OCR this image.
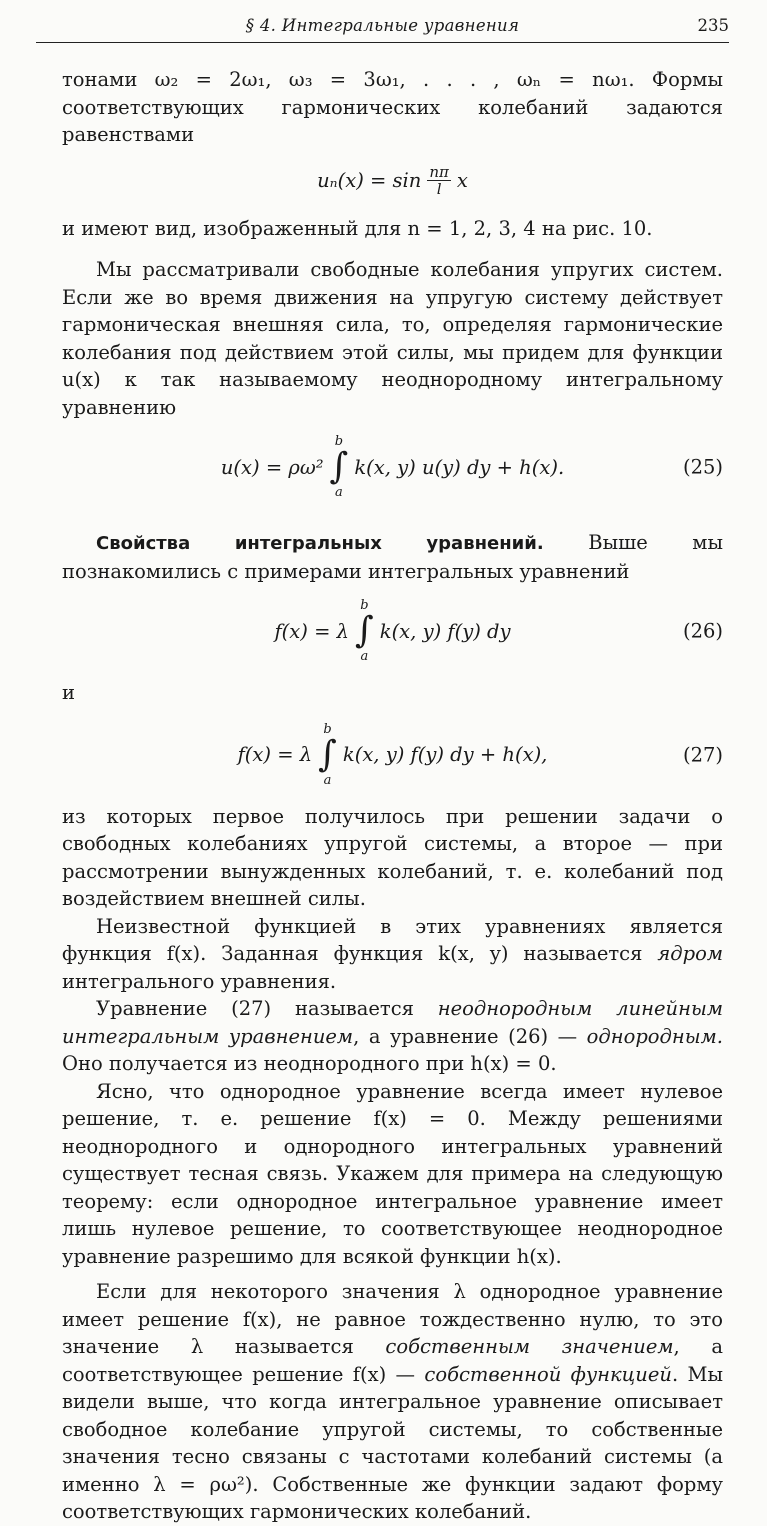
§ 4. Интегральные уравнения	235

тонами ω₂ = 2ω₁, ω₃ = 3ω₁, . . . , ωₙ = nω₁. Формы соответствующих гармонических колебаний задаются равенствами

$u_n(x) = \sin \frac{n\pi}{l}$ x

и имеют вид, изображенный для n = 1, 2, 3, 4 на рис. 10.

Мы рассматривали свободные колебания упругих систем. Если же во время движения на упругую систему действует гармоническая внешняя сила, то, определяя гармонические колебания под действием этой силы, мы придем для функции u(x) к так называемому неоднородному интегральному уравнению

u(x) = ρω²
b
∫
a
k(x, y) u(y) dy + h(x).	(25)

Свойства интегральных уравнений. Выше мы познакомились с примерами интегральных уравнений

f(x) = λ
b
∫
a
k(x, y) f(y) dy	(26)

и

f(x) = λ
b
∫
a
k(x, y) f(y) dy + h(x),	(27)

из которых первое получилось при решении задачи о свободных колебаниях упругой системы, а второе — при рассмотрении вынужденных колебаний, т. е. колебаний под воздействием внешней силы.

Неизвестной функцией в этих уравнениях является функция f(x). Заданная функция k(x, y) называется ядром интегрального уравнения.

Уравнение (27) называется неоднородным линейным интегральным уравнением, а уравнение (26) — однородным. Оно получается из неоднородного при h(x) = 0.

Ясно, что однородное уравнение всегда имеет нулевое решение, т. е. решение f(x) = 0. Между решениями неоднородного и однородного интегральных уравнений существует тесная связь. Укажем для примера на следующую теорему: если однородное интегральное уравнение имеет лишь нулевое решение, то соответствующее неоднородное уравнение разрешимо для всякой функции h(x).

Если для некоторого значения λ однородное уравнение имеет решение f(x), не равное тождественно нулю, то это значение λ называется собственным значением, а соответствующее решение f(x) — собственной функцией. Мы видели выше, что когда интегральное уравнение описывает свободное колебание упругой системы, то собственные значения тесно связаны с частотами колебаний системы (а именно λ = ρω²). Собственные же функции задают форму соответствующих гармонических колебаний.
